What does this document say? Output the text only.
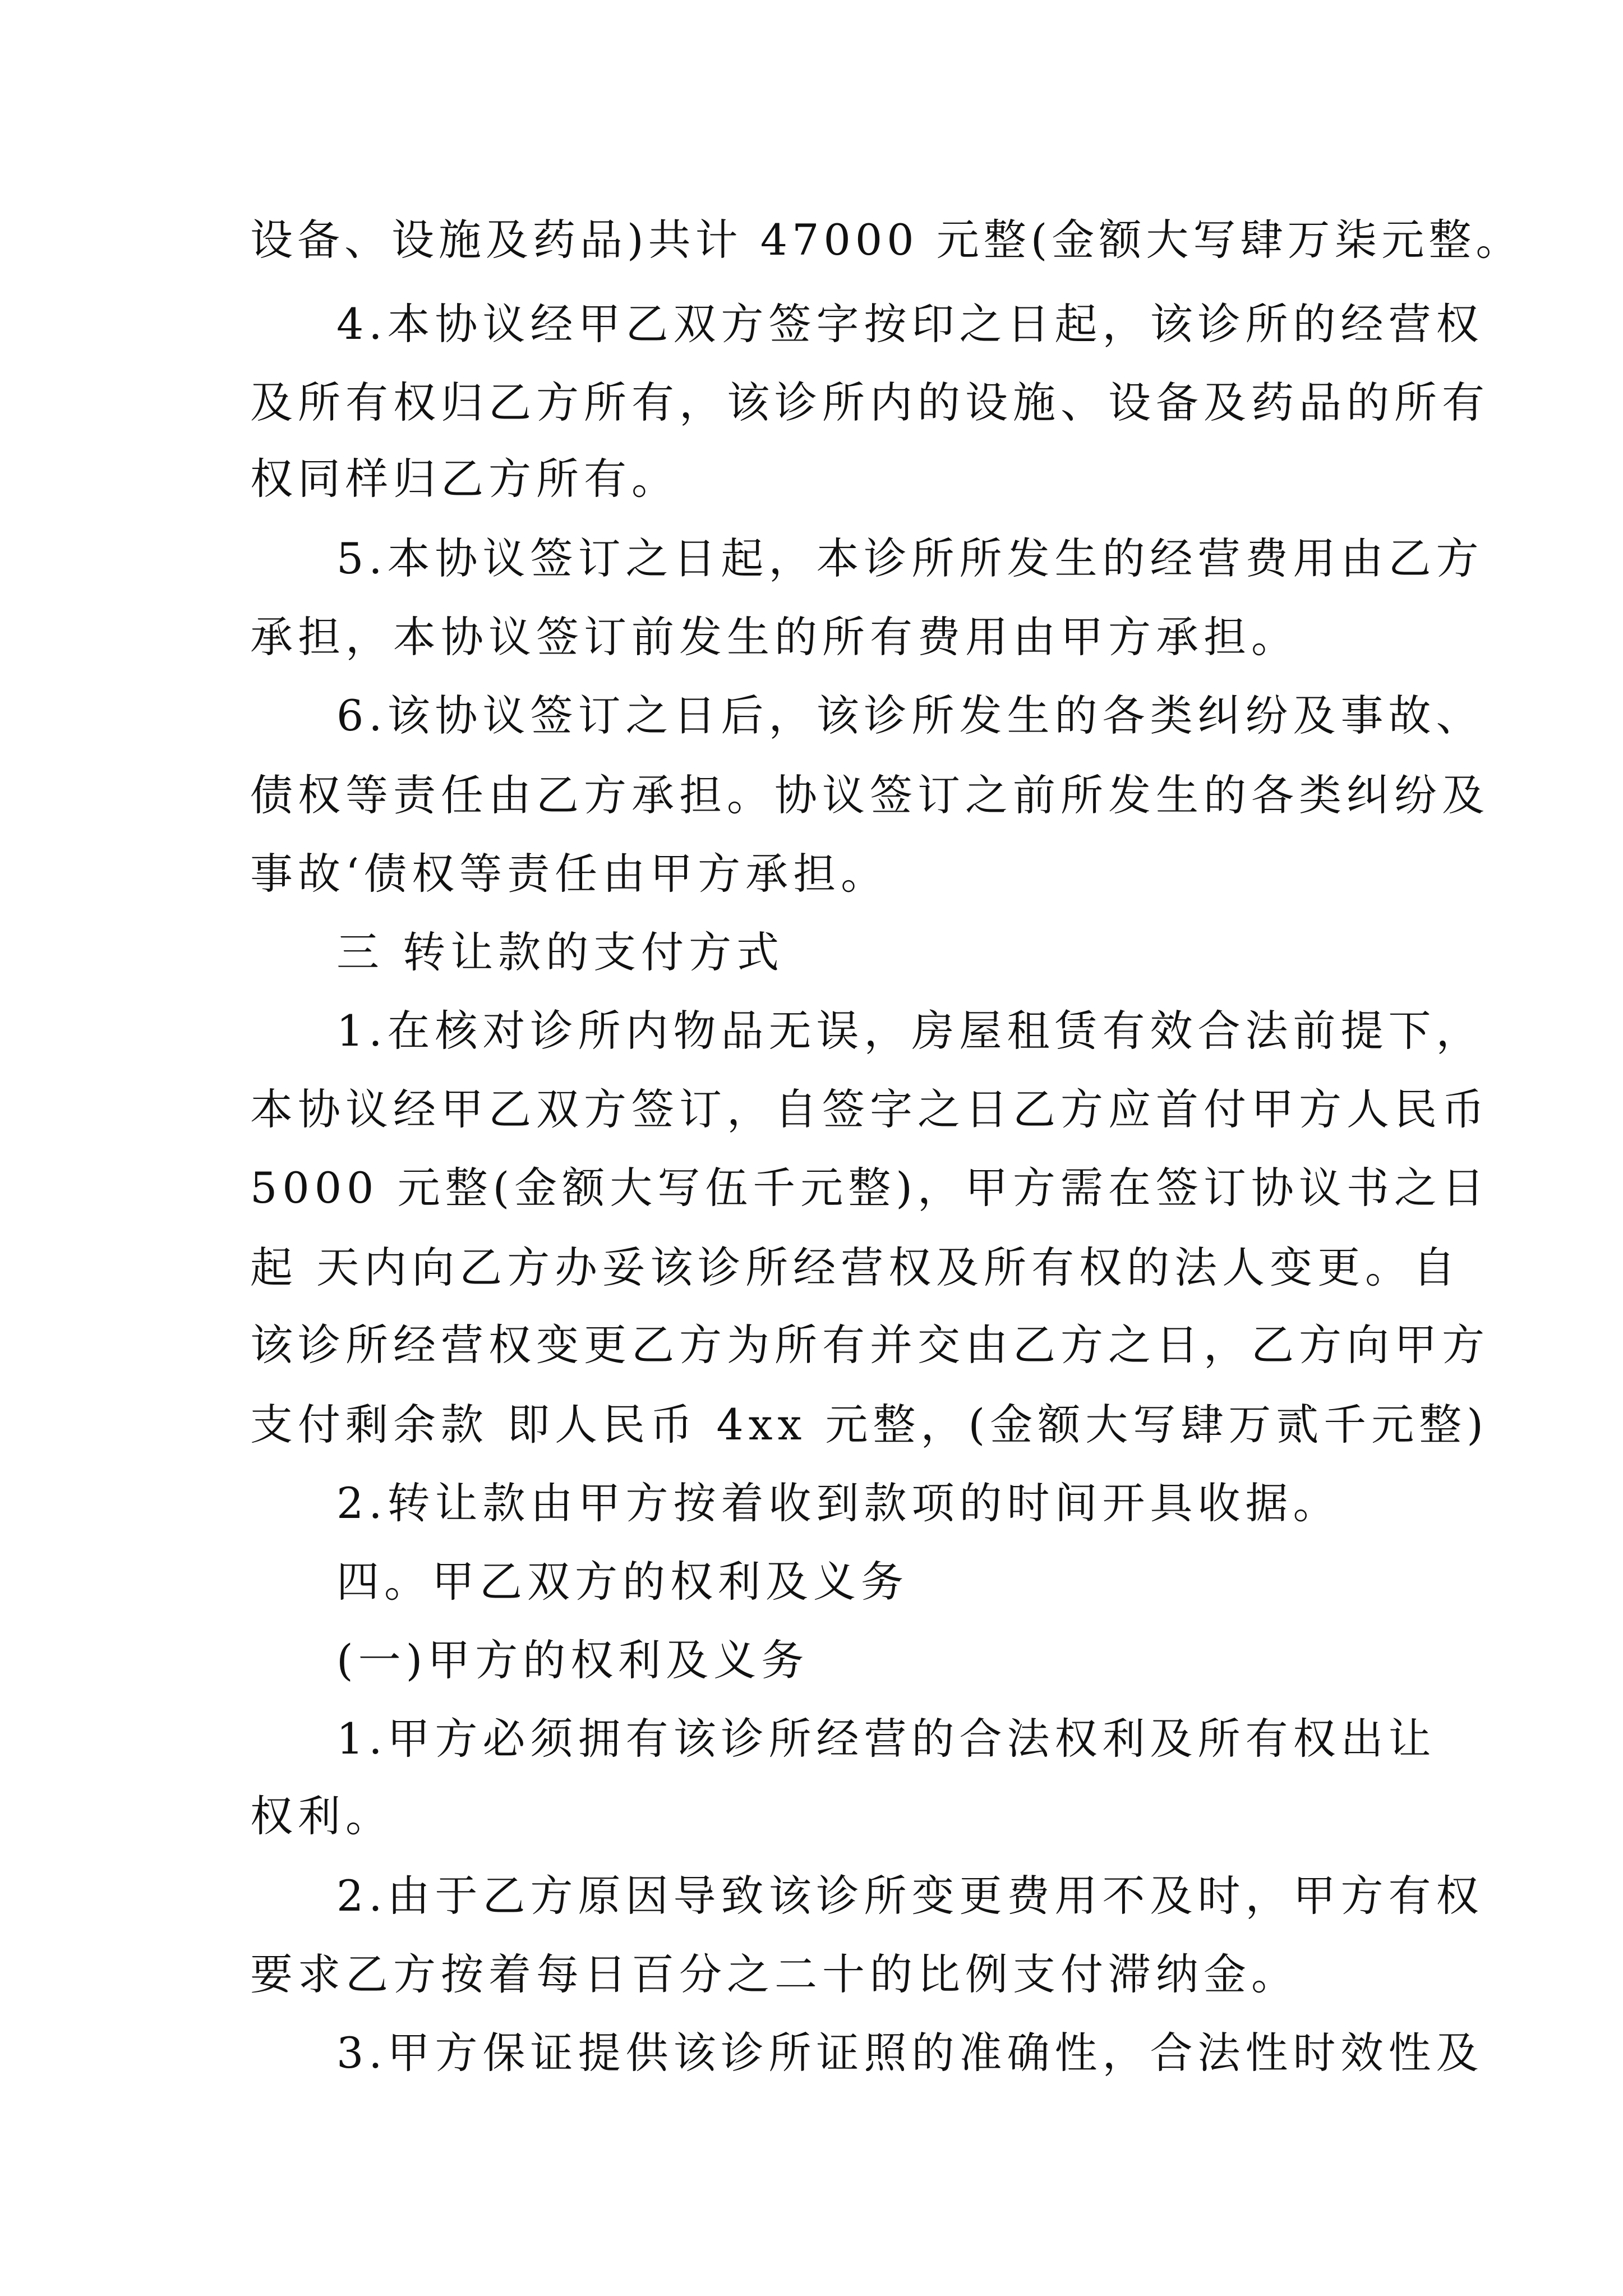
设备、设施及药品)共计 47000 元整(金额大写肆万柒元整。
4.本协议经甲乙双方签字按印之日起，该诊所的经营权
及所有权归乙方所有，该诊所内的设施、设备及药品的所有
权同样归乙方所有。
5.本协议签订之日起，本诊所所发生的经营费用由乙方
承担，本协议签订前发生的所有费用由甲方承担。
6.该协议签订之日后，该诊所发生的各类纠纷及事故、
债权等责任由乙方承担。协议签订之前所发生的各类纠纷及
事故‘债权等责任由甲方承担。
三 转让款的支付方式
1.在核对诊所内物品无误，房屋租赁有效合法前提下，
本协议经甲乙双方签订，自签字之日乙方应首付甲方人民币
5000 元整(金额大写伍千元整)，甲方需在签订协议书之日
起 天内向乙方办妥该诊所经营权及所有权的法人变更。自
该诊所经营权变更乙方为所有并交由乙方之日，乙方向甲方
支付剩余款 即人民币 4xx 元整，(金额大写肆万贰千元整)
2.转让款由甲方按着收到款项的时间开具收据。
四。甲乙双方的权利及义务
(一)甲方的权利及义务
1.甲方必须拥有该诊所经营的合法权利及所有权出让
权利。
2.由于乙方原因导致该诊所变更费用不及时，甲方有权
要求乙方按着每日百分之二十的比例支付滞纳金。
3.甲方保证提供该诊所证照的准确性，合法性时效性及
